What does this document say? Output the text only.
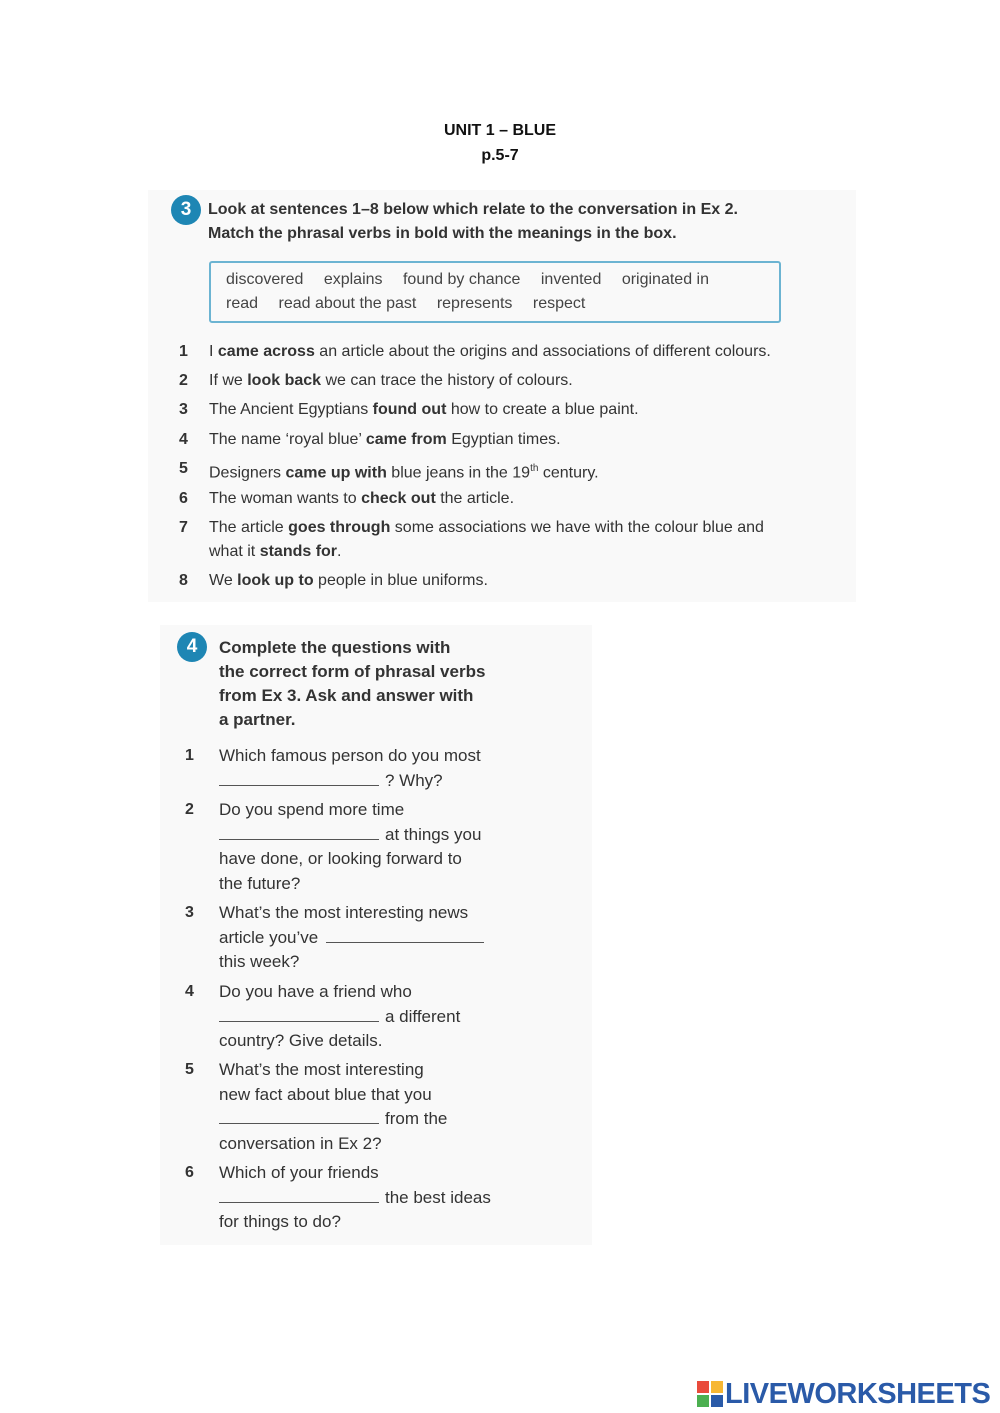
UNIT 1 – BLUE
p.5-7
3	Look at sentences 1–8 below which relate to the conversation in Ex 2.
Match the phrasal verbs in bold with the meanings in the box.
discovered explains found by chance invented originated in
read read about the past represents respect
1 I came across an article about the origins and associations of different colours.
2 If we look back we can trace the history of colours.
3 The Ancient Egyptians found out how to create a blue paint.
4 The name ‘royal blue’ came from Egyptian times.
5 Designers came up with blue jeans in the 19th century.
6 The woman wants to check out the article.
7 The article goes through some associations we have with the colour blue and
what it stands for.
8 We look up to people in blue uniforms.
4	Complete the questions with
the correct form of phrasal verbs
from Ex 3. Ask and answer with
a partner.
1 Which famous person do you most
? Why?
2 Do you spend more time
at things you
have done, or looking forward to
the future?
3 What’s the most interesting news
article you’ve
this week?
4 Do you have a friend who
a different
country? Give details.
5 What’s the most interesting
new fact about blue that you
from the
conversation in Ex 2?
6 Which of your friends
the best ideas
for things to do?
LIVEWORKSHEETS
